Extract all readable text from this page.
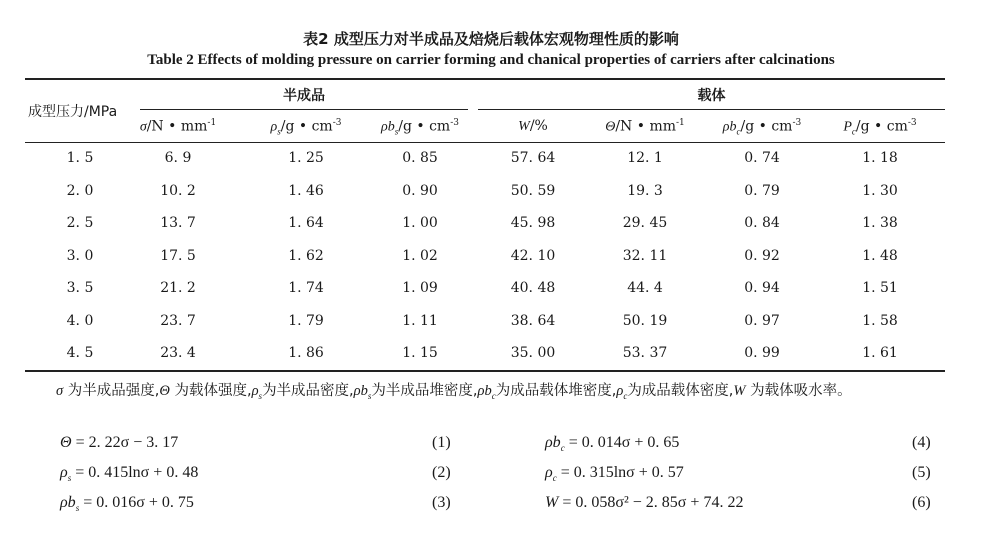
表2 成型压力对半成品及焙烧后载体宏观物理性质的影响
Table 2 Effects of molding pressure on carrier forming and chanical properties of carriers after calcinations
成型压力/MPa
半成品	载体
σ/N • $mm^{-1}$	$\rho_s/g$ • $cm^{-3}$	$\rho b_s/g$ • $cm^{-3}$	W/%	Θ/N • $mm^{-1}$	$\rho b_c/g$ • $cm^{-3}$	$P_c/g$ • $cm^{-3}$
1. 5	6. 9	1. 25	0. 85	57. 64	12. 1	0. 74	1. 18
2. 0	10. 2	1. 46	0. 90	50. 59	19. 3	0. 79	1. 30
2. 5	13. 7	1. 64	1. 00	45. 98	29. 45	0. 84	1. 38
3. 0	17. 5	1. 62	1. 02	42. 10	32. 11	0. 92	1. 48
3. 5	21. 2	1. 74	1. 09	40. 48	44. 4	0. 94	1. 51
4. 0	23. 7	1. 79	1. 11	38. 64	50. 19	0. 97	1. 58
4. 5	23. 4	1. 86	1. 15	35. 00	53. 37	0. 99	1. 61
σ 为半成品强度,Θ 为载体强度$,\rho_s$为半成品密度$,\rho b_s$为半成品堆密度$,\rho b_c$为成品载体堆密度$,\rho_c$为成品载体密度,W 为载体吸水率。
Θ = 2. 22σ − 3. 17	(1)
$\rho_s = 0$. 415lnσ + 0. 48	(2)
$\rho b_s = 0$. 016σ + 0. 75	(3)
$\rho b_c = 0$. 014σ + 0. 65	(4)
$\rho_c = 0$. 315lnσ + 0. 57	(5)
W = 0. 058σ² − 2. 85σ + 74. 22	(6)
